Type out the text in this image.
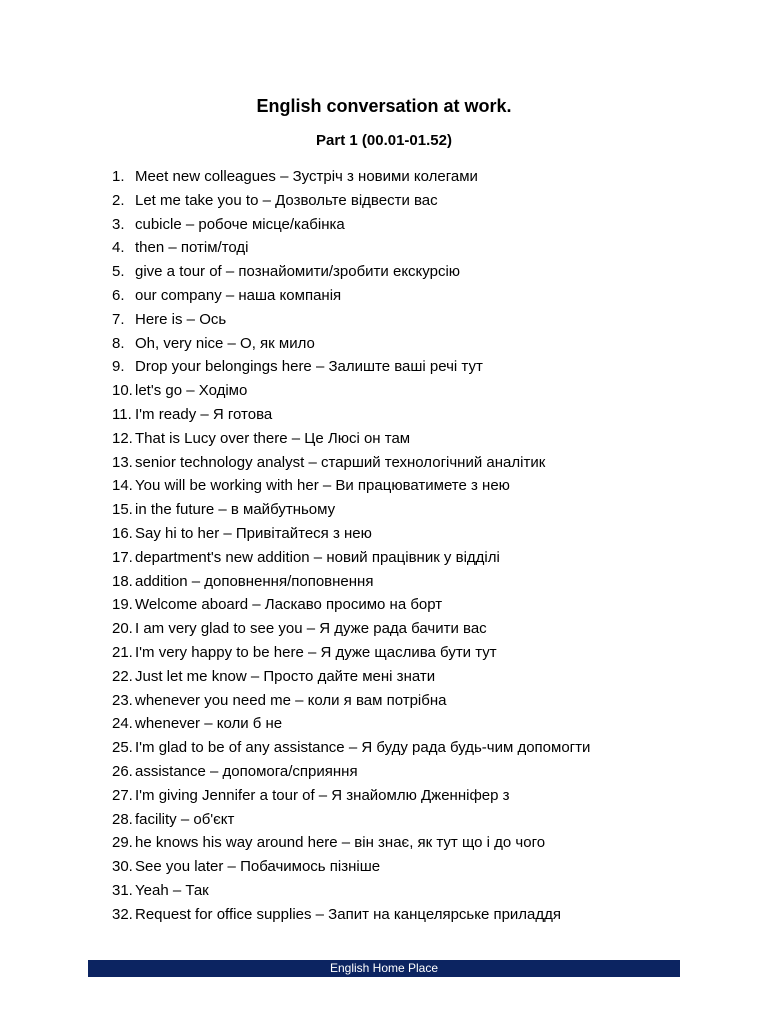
English conversation at work.
Part 1 (00.01-01.52)
1. Meet new colleagues – Зустріч з новими колегами
2. Let me take you to – Дозвольте відвести вас
3. cubicle – робоче місце/кабінка
4. then – потім/тоді
5. give a tour of – познайомити/зробити екскурсію
6. our company – наша компанія
7. Here is – Ось
8. Oh, very nice – О, як мило
9. Drop your belongings here – Залиште ваші речі тут
10. let's go – Ходімо
11. I'm ready – Я готова
12. That is Lucy over there – Це Люсі он там
13. senior technology analyst – старший технологічний аналітик
14. You will be working with her – Ви працюватимете з нею
15. in the future – в майбутньому
16. Say hi to her – Привітайтеся з нею
17. department's new addition – новий працівник у відділі
18. addition – доповнення/поповнення
19. Welcome aboard – Ласкаво просимо на борт
20. I am very glad to see you – Я дуже рада бачити вас
21. I'm very happy to be here – Я дуже щаслива бути тут
22. Just let me know – Просто дайте мені знати
23. whenever you need me – коли я вам потрібна
24. whenever – коли б не
25. I'm glad to be of any assistance – Я буду рада будь-чим допомогти
26. assistance – допомога/сприяння
27. I'm giving Jennifer a tour of – Я знайомлю Дженніфер з
28. facility – об'єкт
29. he knows his way around here – він знає, як тут що і до чого
30. See you later – Побачимось пізніше
31. Yeah – Так
32. Request for office supplies – Запит на канцелярське приладдя
English Home Place
